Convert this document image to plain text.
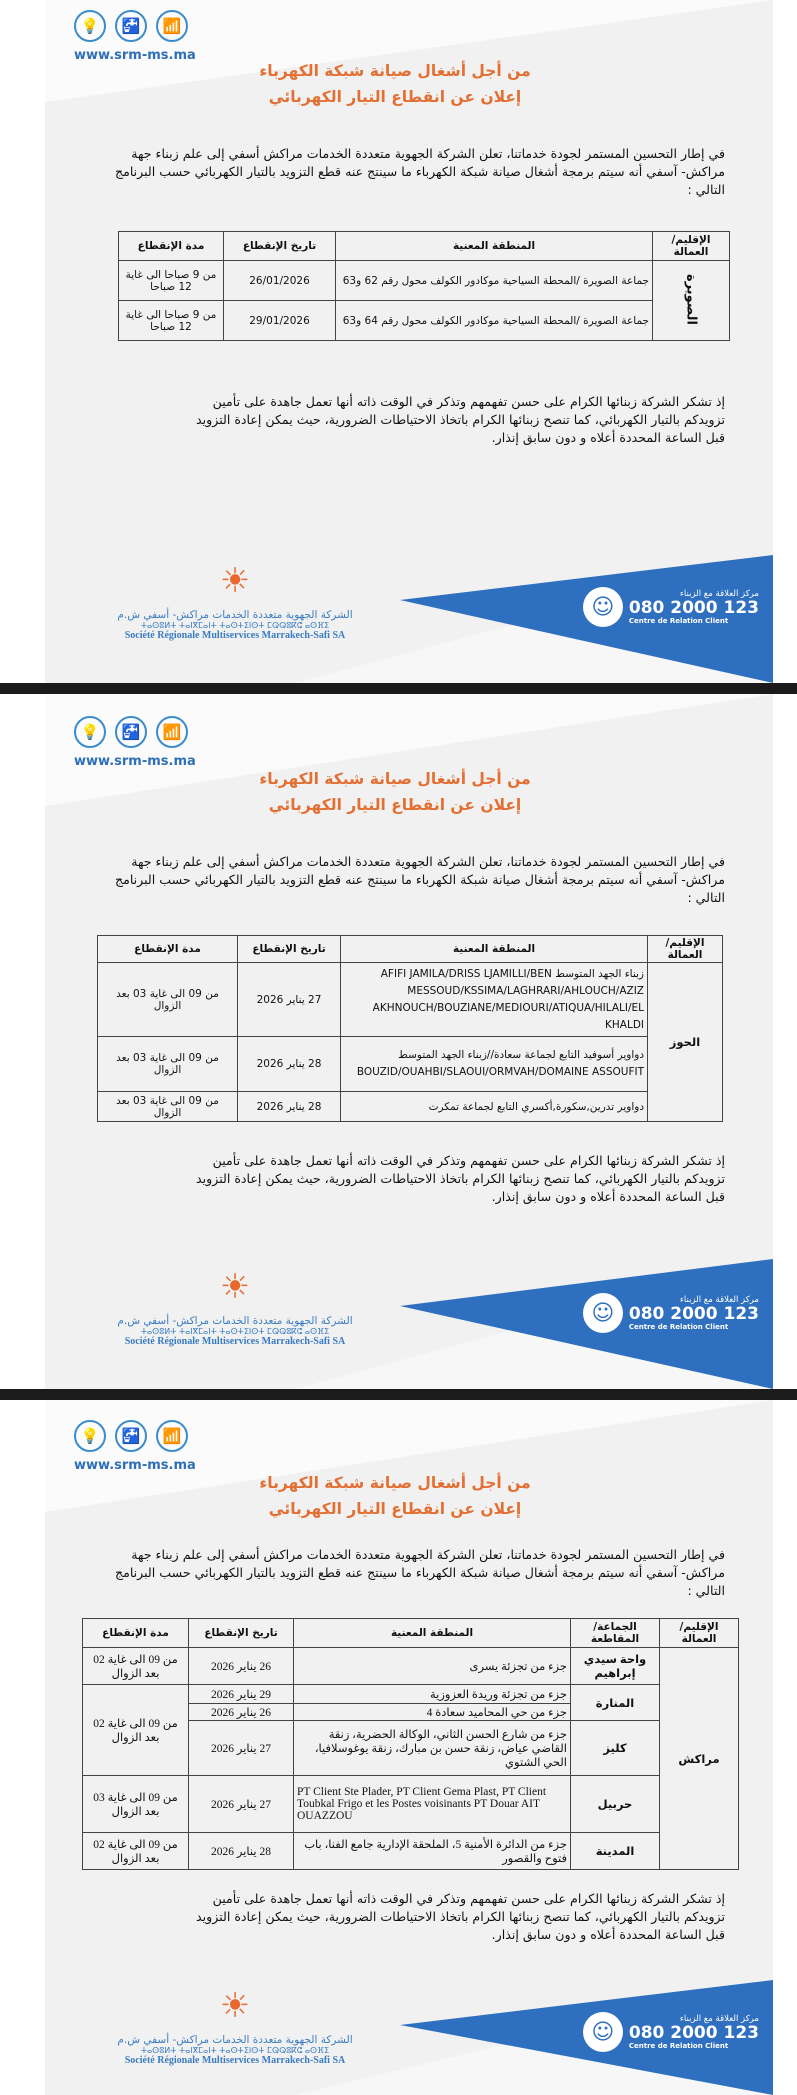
💡	🚰	📶
www.srm-ms.ma
من أجل أشغال صيانة شبكة الكهرباء
إعلان عن انقطاع التيار الكهربائي
في إطار التحسين المستمر لجودة خدماتنا، تعلن الشركة الجهوية متعددة الخدمات مراكش أسفي إلى علم زبناء جهة مراكش- آسفي أنه سيتم برمجة أشغال صيانة شبكة الكهرباء ما سينتج عنه قطع التزويد بالتيار الكهربائي حسب البرنامج التالي :
الإقليم/العمالة	المنطقة المعنية	تاريخ الإنقطاع	مدة الإنقطاع
الصويرة	جماعة الصويرة /المحطة السياحية موكادور الكولف محول رقم 62 و63	26/01/2026	من 9 صباحا الى غاية 12 صباحا
	جماعة الصويرة /المحطة السياحية موكادور الكولف محول رقم 64 و63	29/01/2026	من 9 صباحا الى غاية 12 صباحا
إذ تشكر الشركة زبنائها الكرام على حسن تفهمهم وتذكر في الوقت ذاته أنها تعمل جاهدة على تأمين تزويدكم بالتيار الكهربائي، كما تنصح زبنائها الكرام باتخاذ الاحتياطات الضرورية، حيث يمكن إعادة التزويد قبل الساعة المحددة أعلاه و دون سابق إنذار.
☀
الشركة الجهوية متعددة الخدمات مراكش- أسفي ش.م
ⵜⴰⵙⵓⵍⵜ ⵜⴰⵏⴳⵎⴰⵏⵜ ⵜⴰⵙⵜⵉⵏⵙⵜ ⵎⵕⵕⵓⴽⵛ ⴰⵙⴼⵉ
Société Régionale Multiservices Marrakech-Safi SA
☺
مركز العلاقة مع الزبناء
080 2000 123
Centre de Relation Client
💡	🚰	📶
www.srm-ms.ma
من أجل أشغال صيانة شبكة الكهرباء
إعلان عن انقطاع التيار الكهربائي
في إطار التحسين المستمر لجودة خدماتنا، تعلن الشركة الجهوية متعددة الخدمات مراكش أسفي إلى علم زبناء جهة مراكش- آسفي أنه سيتم برمجة أشغال صيانة شبكة الكهرباء ما سينتج عنه قطع التزويد بالتيار الكهربائي حسب البرنامج التالي :
الإقليم/العمالة	المنطقة المعنية	تاريخ الإنقطاع	مدة الإنقطاع
الحوز	زبناء الجهد المتوسط AFIFI JAMILA/DRISS LJAMILLI/BEN MESSOUD/KSSIMA/LAGHRARI/AHLOUCH/AZIZ AKHNOUCH/BOUZIANE/MEDIOURI/ATIQUA/HILALI/EL KHALDI	27 يناير 2026	من 09 الى غاية 03 بعد الزوال
	دواوير أسوفيد التابع لجماعة سعادة//زبناء الجهد المتوسط BOUZID/OUAHBI/SLAOUI/ORMVAH/DOMAINE ASSOUFIT	28 يناير 2026	من 09 الى غاية 03 بعد الزوال
	دواوير تدرين,سكورة,أكسري التابع لجماعة تمكرت	28 يناير 2026	من 09 الى غاية 03 بعد الزوال
إذ تشكر الشركة زبنائها الكرام على حسن تفهمهم وتذكر في الوقت ذاته أنها تعمل جاهدة على تأمين تزويدكم بالتيار الكهربائي، كما تنصح زبنائها الكرام باتخاذ الاحتياطات الضرورية، حيث يمكن إعادة التزويد قبل الساعة المحددة أعلاه و دون سابق إنذار.
☀
الشركة الجهوية متعددة الخدمات مراكش- أسفي ش.م
ⵜⴰⵙⵓⵍⵜ ⵜⴰⵏⴳⵎⴰⵏⵜ ⵜⴰⵙⵜⵉⵏⵙⵜ ⵎⵕⵕⵓⴽⵛ ⴰⵙⴼⵉ
Société Régionale Multiservices Marrakech-Safi SA
☺
مركز العلاقة مع الزبناء
080 2000 123
Centre de Relation Client
💡	🚰	📶
www.srm-ms.ma
من أجل أشغال صيانة شبكة الكهرباء
إعلان عن انقطاع التيار الكهربائي
في إطار التحسين المستمر لجودة خدماتنا، تعلن الشركة الجهوية متعددة الخدمات مراكش أسفي إلى علم زبناء جهة مراكش- آسفي أنه سيتم برمجة أشغال صيانة شبكة الكهرباء ما سينتج عنه قطع التزويد بالتيار الكهربائي حسب البرنامج التالي :
الإقليم/العمالة	الجماعة/المقاطعة	المنطقة المعنية	تاريخ الإنقطاع	مدة الإنقطاع
مراكش	واحة سيدي إبراهيم	جزء من تجزئة يسرى	26 يناير 2026	من 09 الى غاية 02 بعد الزوال
	المنارة	جزء من تجزئة وريدة العزوزية	29 يناير 2026	من 09 الى غاية 02 بعد الزوال
		جزء من حي المحاميد سعادة 4	26 يناير 2026	
	كليز	جزء من شارع الحسن الثاني، الوكالة الحضرية، زنقة القاضي عياض، زنقة حسن بن مبارك، زنقة يوغوسلافيا، الحي الشتوي	27 يناير 2026	
	حربيل	PT Client Ste Plader, PT Client Gema Plast, PT Client Toubkal Frigo et les Postes voisinants PT Douar AIT OUAZZOU	27 يناير 2026	من 09 الى غاية 03 بعد الزوال
	المدينة	جزء من الدائرة الأمنية 5، الملحقة الإدارية جامع الفنا، باب فتوح والقصور	28 يناير 2026	من 09 الى غاية 02 بعد الزوال
إذ تشكر الشركة زبنائها الكرام على حسن تفهمهم وتذكر في الوقت ذاته أنها تعمل جاهدة على تأمين تزويدكم بالتيار الكهربائي، كما تنصح زبنائها الكرام باتخاذ الاحتياطات الضرورية، حيث يمكن إعادة التزويد قبل الساعة المحددة أعلاه و دون سابق إنذار.
☀
الشركة الجهوية متعددة الخدمات مراكش- أسفي ش.م
ⵜⴰⵙⵓⵍⵜ ⵜⴰⵏⴳⵎⴰⵏⵜ ⵜⴰⵙⵜⵉⵏⵙⵜ ⵎⵕⵕⵓⴽⵛ ⴰⵙⴼⵉ
Société Régionale Multiservices Marrakech-Safi SA
☺
مركز العلاقة مع الزبناء
080 2000 123
Centre de Relation Client
